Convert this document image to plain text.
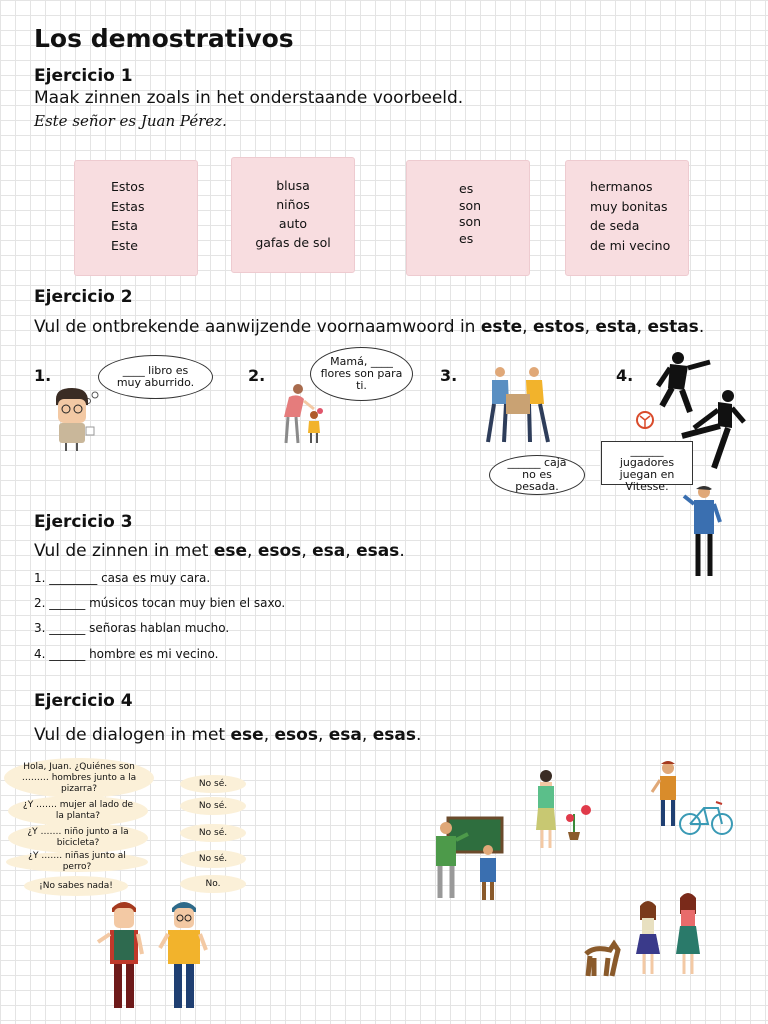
Los demostrativos
Ejercicio 1
Maak zinnen zoals in het onderstaande voorbeeld.
Este señor es Juan Pérez.
Estos
Estas
Esta
Este
blusa
niños
auto
gafas de sol
es
son
son
es
hermanos
muy bonitas
de seda
de mi vecino
Ejercicio 2
Vul de ontbrekende aanwijzende voornaamwoord in este, estos, esta, estas.
1.	2.	3.	4.
____ libro es muy aburrido.
Mamá, ____ flores son para ti.
______ caja no es pesada.
______
jugadores juegan en Vitesse.
Ejercicio 3
Vul de zinnen in met ese, esos, esa, esas.
1. ________ casa es muy cara.
2. ______ músicos tocan muy bien el saxo.
3. ______ señoras hablan mucho.
4. ______ hombre es mi vecino.
Ejercicio 4
Vul de dialogen in met ese, esos, esa, esas.
Hola, Juan. ¿Quiénes son ……… hombres junto a la pizarra?
¿Y ……. mujer al lado de la planta?
¿Y ……. niño junto a la bicicleta?
¿Y ……. niñas junto al perro?
¡No sabes nada!
No sé.
No sé.
No sé.
No sé.
No.
